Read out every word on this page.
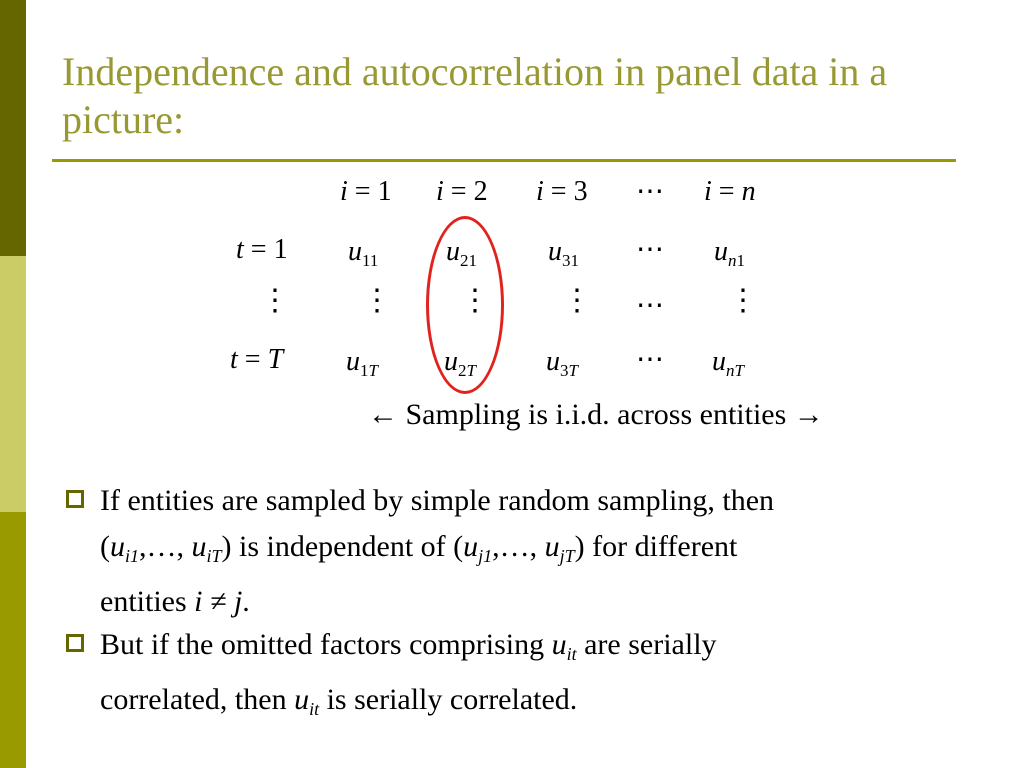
Independence and autocorrelation in panel data in a picture:
i = 1 i = 2 i = 3 ⋯ i = n
t = 1 $u_{11}$ $u_{21}$	$u_{31}$ ⋯ $u_{n1}$
⋮ ⋮ ⋮ ⋮ ⋯ ⋮
t = T $u_{1T}$ $u_{2T}$	$u_{3T}$ ⋯ $u_{nT}$
← Sampling is i.i.d. across entities →
If entities are sampled by simple random sampling, then
($u_{i1},\dots$, $u_{iT}$) is independent of ($u_{j1},\dots$, $u_{jT}$) for different
entities i ≠ j.
But if the omitted factors comprising $u_{it}$ are serially
correlated, then $u_{it}$ is serially correlated.
